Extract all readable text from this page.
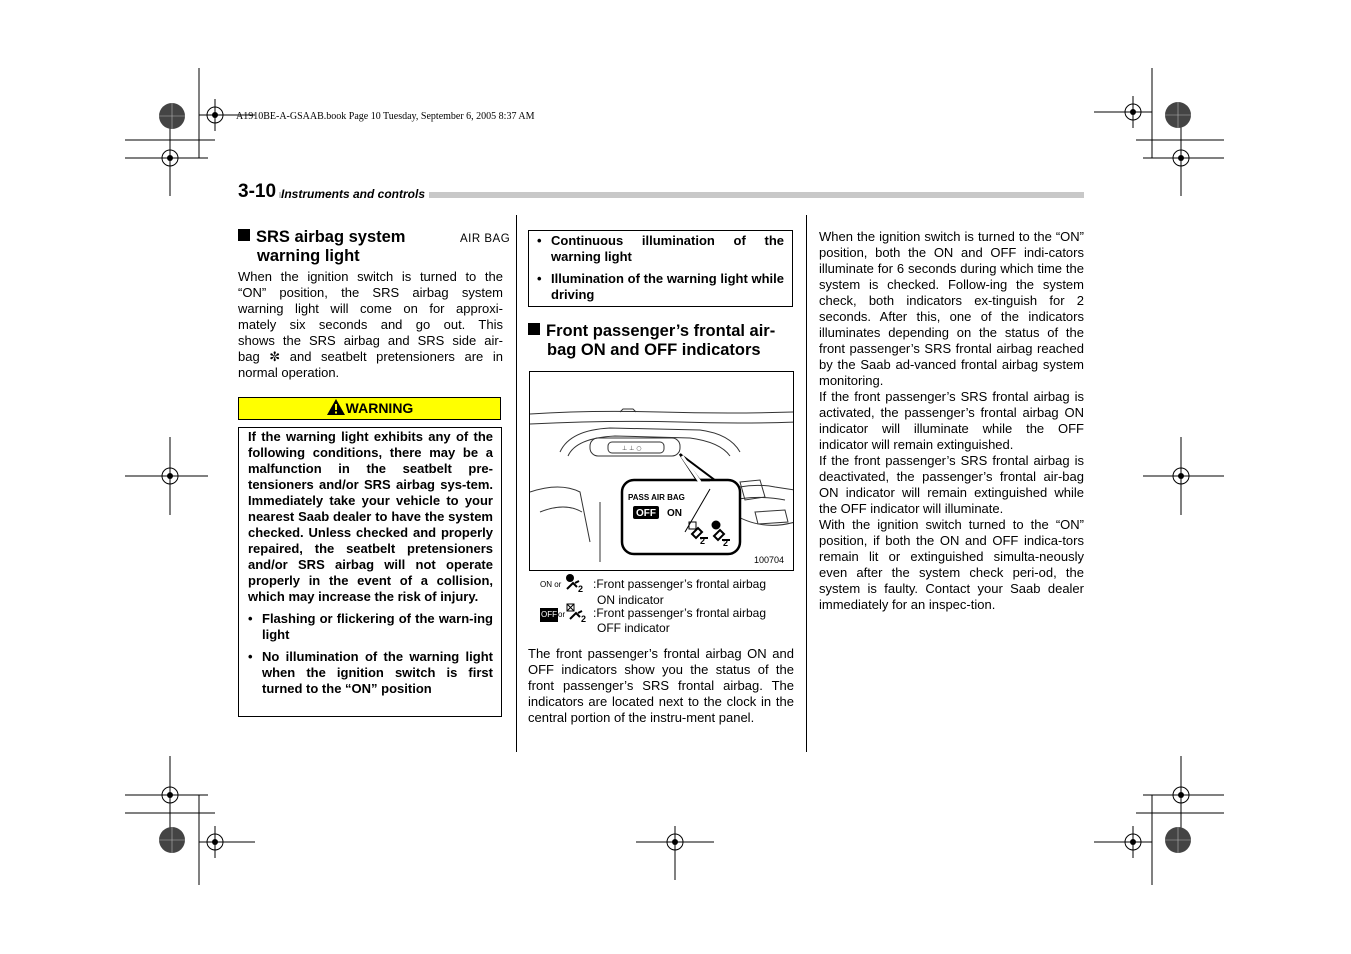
A1910BE-A-GSAAB.book Page 10 Tuesday, September 6, 2005 8:37 AM
3-10 Instruments and controls
SRS airbag system
warning light
AIR BAG
When the ignition switch is turned to the
“ON” position, the SRS airbag system
warning light will come on for approxi-
mately six seconds and go out. This
shows the SRS airbag and SRS side air-
bag ✼ and seatbelt pretensioners are in
normal operation.
WARNING
If the warning light exhibits any of the following conditions, there may be a malfunction in the seatbelt pre-tensioners and/or SRS airbag sys-tem. Immediately take your vehicle to your nearest Saab dealer to have the system checked. Unless checked and properly repaired, the seatbelt pretensioners and/or SRS airbag will not operate properly in the event of a collision, which may increase the risk of injury.
• Flashing or flickering of the warn-ing light
• No illumination of the warning light when the ignition switch is first turned to the “ON” position
• Continuous illumination of the warning light
• Illumination of the warning light while driving
Front passenger’s frontal air-
bag ON and OFF indicators
⊥ ⊥ ○
PASS AIR BAG
OFF ON
2 2
100704
ON or 2 :Front passenger’s frontal airbag
ON indicator
OFF or 2 :Front passenger’s frontal airbag
OFF indicator
The front passenger’s frontal airbag ON and OFF indicators show you the status of the front passenger’s SRS frontal airbag. The indicators are located next to the clock in the central portion of the instru-ment panel.
When the ignition switch is turned to the “ON” position, both the ON and OFF indi-cators illuminate for 6 seconds during which time the system is checked. Follow-ing the system check, both indicators ex-tinguish for 2 seconds. After this, one of the indicators illuminates depending on the status of the front passenger’s SRS frontal airbag reached by the Saab ad-vanced frontal airbag system monitoring.
If the front passenger’s SRS frontal airbag is activated, the passenger’s frontal airbag ON indicator will illuminate while the OFF indicator will remain extinguished.
If the front passenger’s SRS frontal airbag is deactivated, the passenger’s frontal air-bag ON indicator will remain extinguished while the OFF indicator will illuminate.
With the ignition switch turned to the “ON” position, if both the ON and OFF indica-tors remain lit or extinguished simulta-neously even after the system check peri-od, the system is faulty. Contact your Saab dealer immediately for an inspec-tion.
